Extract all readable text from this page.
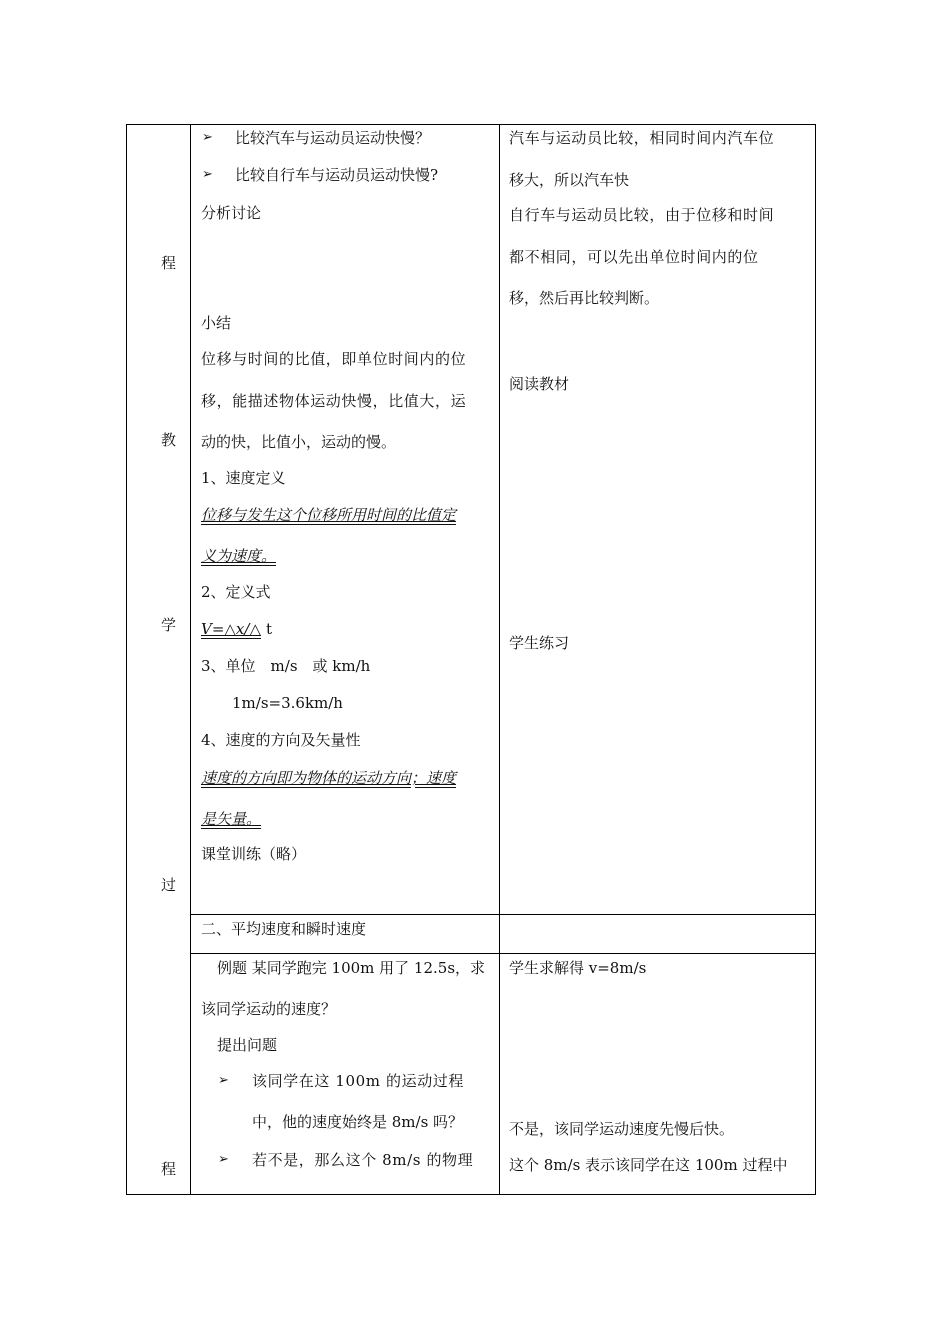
程
教
学
过
程
➢ 比较汽车与运动员运动快慢？
➢ 比较自行车与运动员运动快慢?
分析讨论
小结
位移与时间的比值，即单位时间内的位
移，能描述物体运动快慢，比值大，运
动的快，比值小，运动的慢。
1、速度定义
位移与发生这个位移所用时间的比值定
义为速度。
2、定义式
V=△x/△ t
3、单位　m/s　或 km/h
1m/s=3.6km/h
4、速度的方向及矢量性
速度的方向即为物体的运动方向；速度
是矢量。
课堂训练（略）
汽车与运动员比较，相同时间内汽车位
移大，所以汽车快
自行车与运动员比较，由于位移和时间
都不相同，可以先出单位时间内的位
移，然后再比较判断。
阅读教材
学生练习
二、平均速度和瞬时速度
例题 某同学跑完 100m 用了 12.5s，求
该同学运动的速度？
提出问题
➢ 该同学在这 100m 的运动过程
中，他的速度始终是 8m/s 吗？
➢ 若不是，那么这个 8m/s 的物理
学生求解得 v=8m/s
不是，该同学运动速度先慢后快。
这个 8m/s 表示该同学在这 100m 过程中
